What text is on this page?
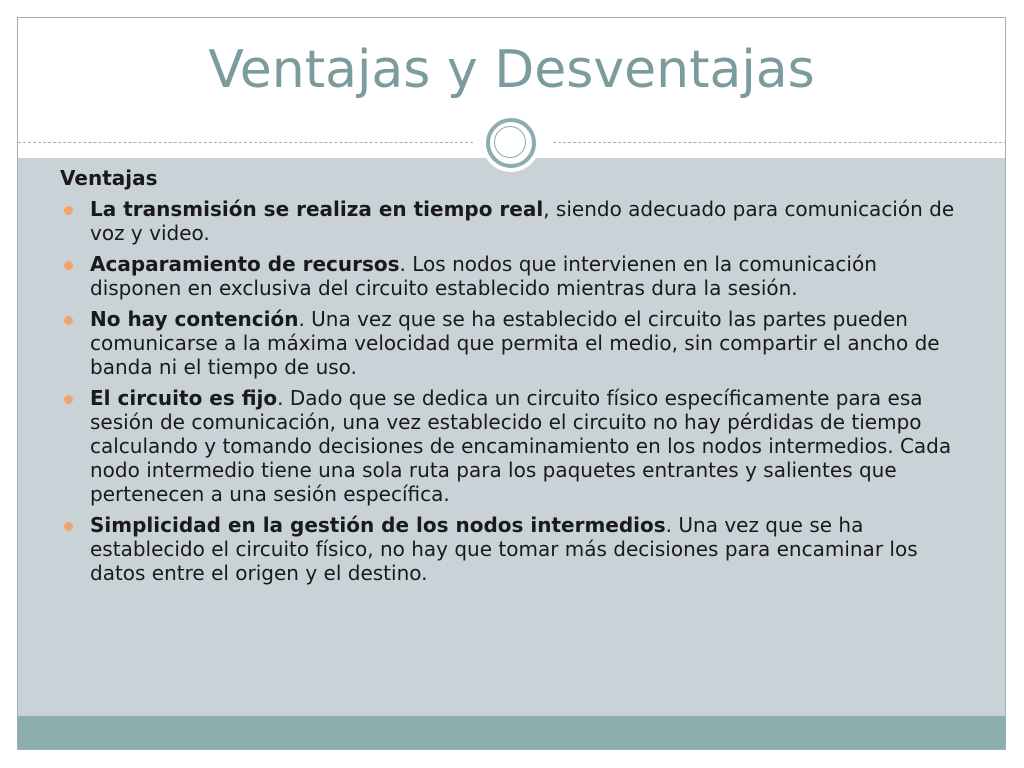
Ventajas y Desventajas
Ventajas
La transmisión se realiza en tiempo real, siendo adecuado para comunicación de voz y video.
Acaparamiento de recursos. Los nodos que intervienen en la comunicación disponen en exclusiva del circuito establecido mientras dura la sesión.
No hay contención. Una vez que se ha establecido el circuito las partes pueden comunicarse a la máxima velocidad que permita el medio, sin compartir el ancho de banda ni el tiempo de uso.
El circuito es fijo. Dado que se dedica un circuito físico específicamente para esa sesión de comunicación, una vez establecido el circuito no hay pérdidas de tiempo calculando y tomando decisiones de encaminamiento en los nodos intermedios. Cada nodo intermedio tiene una sola ruta para los paquetes entrantes y salientes que pertenecen a una sesión específica.
Simplicidad en la gestión de los nodos intermedios. Una vez que se ha establecido el circuito físico, no hay que tomar más decisiones para encaminar los datos entre el origen y el destino.
